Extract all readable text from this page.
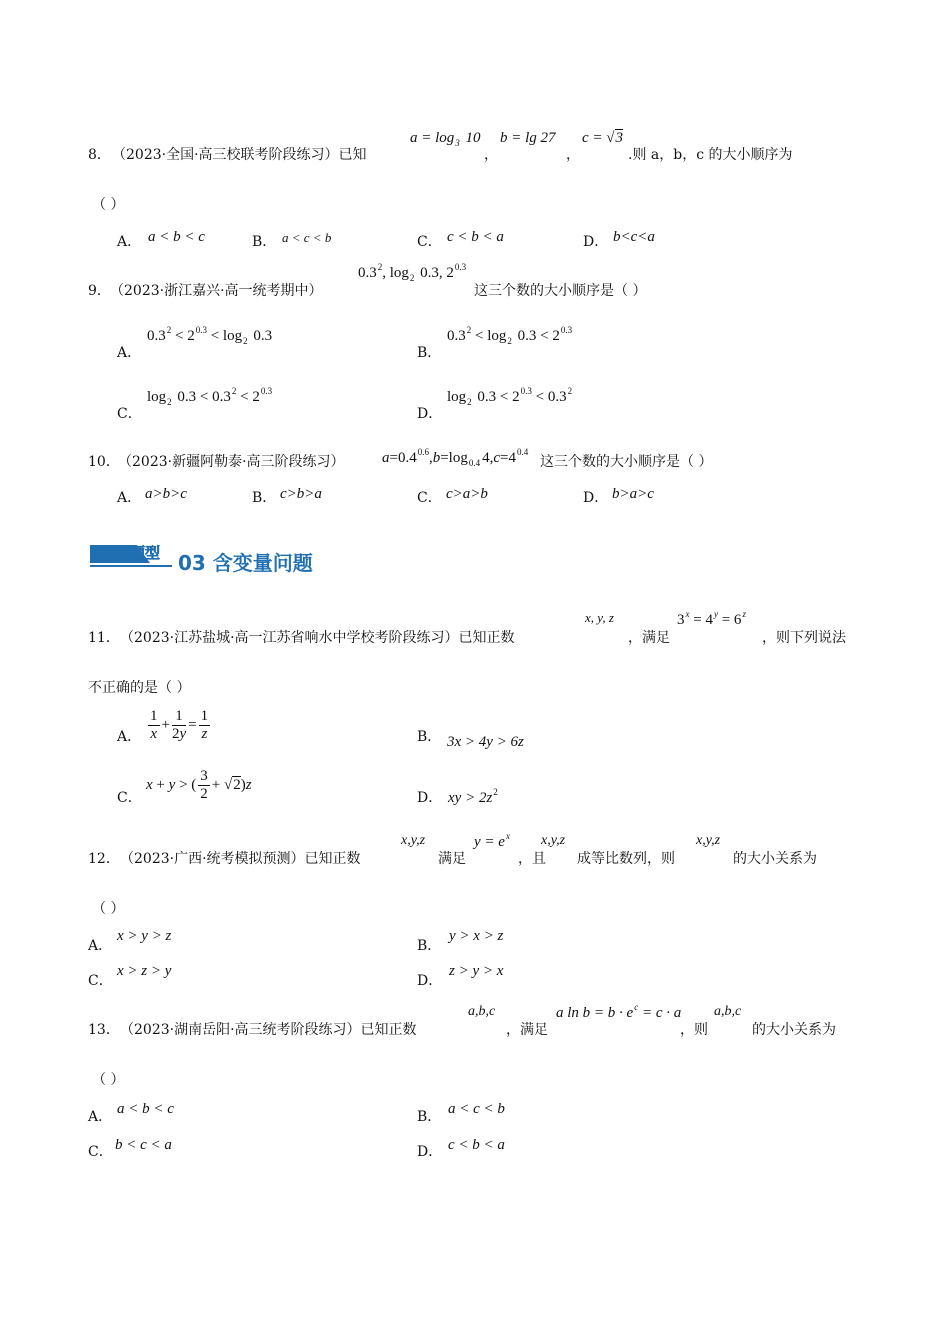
8． （2023·全国·高三校联考阶段练习）已知
$a = \log_3 10$
，
b = lg 27
，
c = √3
.则 a，b，c 的大小顺序为
（ ）
A． a < b < c	B． a < c < b	C． c < b < a	D． b<c<a
9． （2023·浙江嘉兴·高一统考期中）
$0.3^2$, $\log_2 0.3$, $2^{0.3}$
这三个数的大小顺序是（ ）
A．
$0.3^2 < 2^{0.3} < \log_2 0.3$
B．
$0.3^2 < \log_2 0.3 < 2^{0.3}$
C．
$\log_2 0.3 < 0.3^2 < 2^{0.3}$
D．
$\log_2 0.3 < 2^{0.3} < 0.3^2$
10．
（2023·新疆阿勒泰·高三阶段练习） $a=0.4^{0.6},b=\log_{0.4}$ $4,c=4^{0.4}$
这三个数的大小顺序是（ ）
A． a>b>c	B． c>b>a	C． c>a>b	D． b>a>c
题型 03 含变量问题
11． （2023·江苏盐城·高一江苏省响水中学校考阶段练习）已知正数
x, y, z
，满足
$3^x = 4^y = 6^z$
，则下列说法
不正确的是（ ）
A． $\frac{1}{x} + \frac{1}{2y} = \frac{1}{z}$	B． 3x > 4y > 6z
C．
x + y > ( $\frac{3}{2} + √2)z$
D． xy > $2z^2$
12． （2023·广西·统考模拟预测）已知正数
x,y,z
满足
$y = e^x$
，且
x,y,z
成等比数列，则
x,y,z
的大小关系为
（ ）
A．
x > y > z
B．
y > x > z
C．
x > z > y
D．
z > y > x
13． （2023·湖南岳阳·高三统考阶段练习）已知正数
a,b,c
，满足
a $\ln b = b \cdot e^c = c \cdot a$
，则
a,b,c
的大小关系为
（ ）
A． a < b < c	B． a < c < b
C． b < c < a	D． c < b < a
